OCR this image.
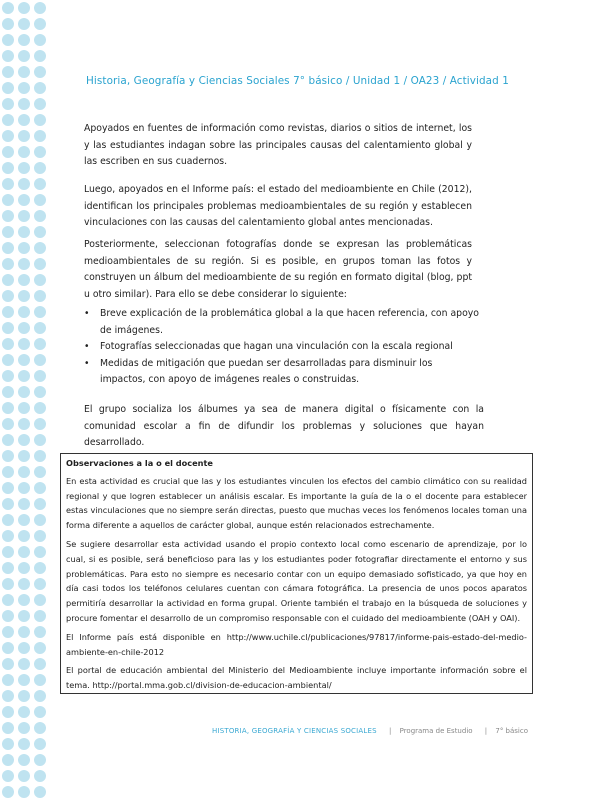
Historia, Geografía y Ciencias Sociales 7° básico / Unidad 1 / OA23 / Actividad 1
Apoyados en fuentes de información como revistas, diarios o sitios de internet, los y las estudiantes indagan sobre las principales causas del calentamiento global y las escriben en sus cuadernos.
Luego, apoyados en el Informe país: el estado del medioambiente en Chile (2012), identifican los principales problemas medioambientales de su región y establecen vinculaciones con las causas del calentamiento global antes mencionadas.
Posteriormente, seleccionan fotografías donde se expresan las problemáticas medioambientales de su región. Si es posible, en grupos toman las fotos y construyen un álbum del medioambiente de su región en formato digital (blog, ppt u otro similar). Para ello se debe considerar lo siguiente:
• Breve explicación de la problemática global a la que hacen referencia, con apoyo de imágenes.
• Fotografías seleccionadas que hagan una vinculación con la escala regional
• Medidas de mitigación que puedan ser desarrolladas para disminuir los impactos, con apoyo de imágenes reales o construidas.
El grupo socializa los álbumes ya sea de manera digital o físicamente con la comunidad escolar a fin de difundir los problemas y soluciones que hayan desarrollado.
Observaciones a la o el docente

En esta actividad es crucial que las y los estudiantes vinculen los efectos del cambio climático con su realidad regional y que logren establecer un análisis escalar. Es importante la guía de la o el docente para establecer estas vinculaciones que no siempre serán directas, puesto que muchas veces los fenómenos locales toman una forma diferente a aquellos de carácter global, aunque estén relacionados estrechamente.

Se sugiere desarrollar esta actividad usando el propio contexto local como escenario de aprendizaje, por lo cual, si es posible, será beneficioso para las y los estudiantes poder fotografiar directamente el entorno y sus problemáticas. Para esto no siempre es necesario contar con un equipo demasiado sofisticado, ya que hoy en día casi todos los teléfonos celulares cuentan con cámara fotográfica. La presencia de unos pocos aparatos permitiría desarrollar la actividad en forma grupal. Oriente también el trabajo en la búsqueda de soluciones y procure fomentar el desarrollo de un compromiso responsable con el cuidado del medioambiente (OAH y OAI).

El Informe país está disponible en http://www.uchile.cl/publicaciones/97817/informe-pais-estado-del-medio-ambiente-en-chile-2012

El portal de educación ambiental del Ministerio del Medioambiente incluye importante información sobre el tema. http://portal.mma.gob.cl/division-de-educacion-ambiental/

HISTORIA, GEOGRAFÍA Y CIENCIAS SOCIALES | Programa de Estudio | 7° básico
